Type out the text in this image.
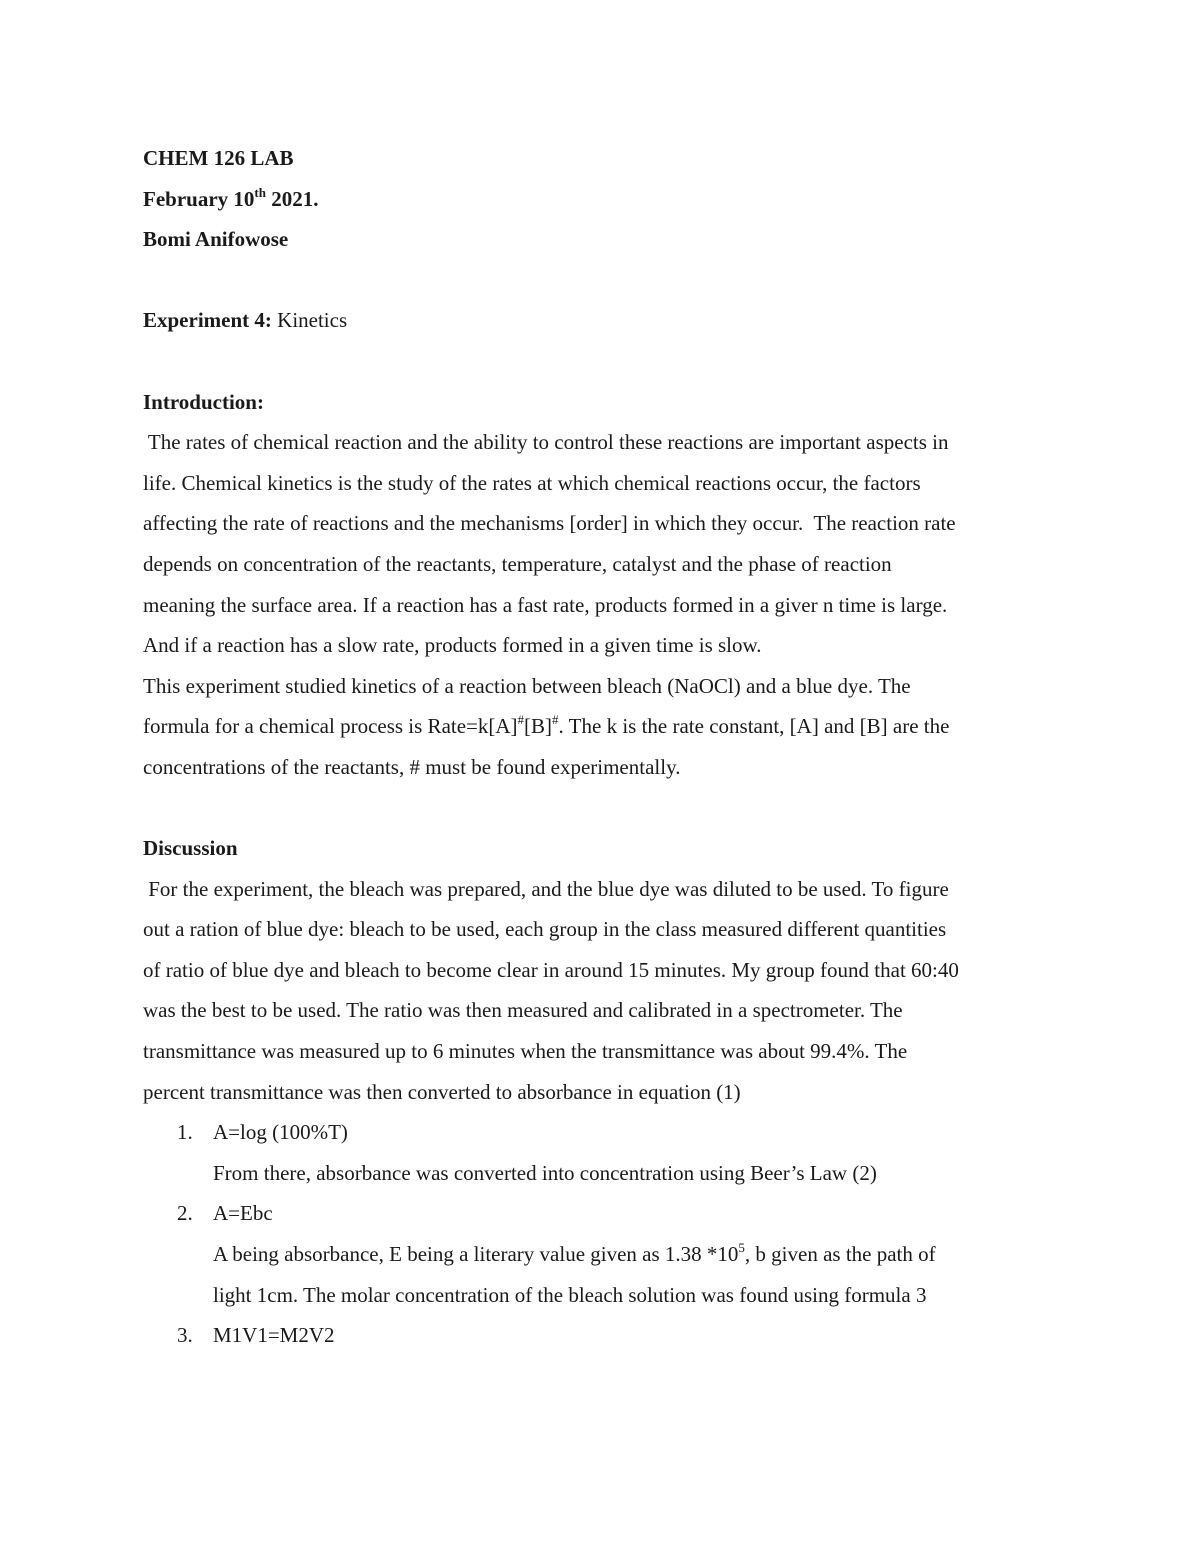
CHEM 126 LAB
February 10th 2021.
Bomi Anifowose
Experiment 4: Kinetics
Introduction:
The rates of chemical reaction and the ability to control these reactions are important aspects in
life. Chemical kinetics is the study of the rates at which chemical reactions occur, the factors
affecting the rate of reactions and the mechanisms [order] in which they occur.  The reaction rate
depends on concentration of the reactants, temperature, catalyst and the phase of reaction
meaning the surface area. If a reaction has a fast rate, products formed in a giver n time is large.
And if a reaction has a slow rate, products formed in a given time is slow.
This experiment studied kinetics of a reaction between bleach (NaOCl) and a blue dye. The
formula for a chemical process is Rate=k[A]#[B]#. The k is the rate constant, [A] and [B] are the
concentrations of the reactants, # must be found experimentally.
Discussion
For the experiment, the bleach was prepared, and the blue dye was diluted to be used. To figure
out a ration of blue dye: bleach to be used, each group in the class measured different quantities
of ratio of blue dye and bleach to become clear in around 15 minutes. My group found that 60:40
was the best to be used. The ratio was then measured and calibrated in a spectrometer. The
transmittance was measured up to 6 minutes when the transmittance was about 99.4%. The
percent transmittance was then converted to absorbance in equation (1)
1. A=log (100%T)
From there, absorbance was converted into concentration using Beer’s Law (2)
2. A=Ebc
A being absorbance, E being a literary value given as 1.38 $*10^5$, b given as the path of
light 1cm. The molar concentration of the bleach solution was found using formula 3
3. M1V1=M2V2
